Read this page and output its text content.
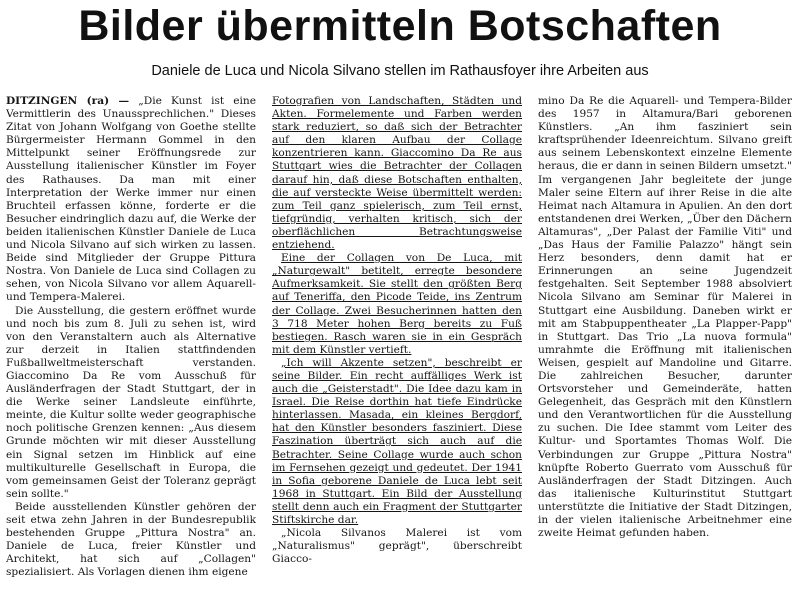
Bilder übermitteln Botschaften
Daniele de Luca und Nicola Silvano stellen im Rathausfoyer ihre Arbeiten aus

DITZINGEN (ra) — „Die Kunst ist eine Vermittlerin des Unaussprechlichen." Dieses Zitat von Johann Wolfgang von Goethe stellte Bürgermeister Hermann Gommel in den Mittelpunkt seiner Eröffnungsrede zur Ausstellung italienischer Künstler im Foyer des Rathauses. Da man mit einer Interpretation der Werke immer nur einen Bruchteil erfassen könne, forderte er die Besucher eindringlich dazu auf, die Werke der beiden italienischen Künstler Daniele de Luca und Nicola Silvano auf sich wirken zu lassen. Beide sind Mitglieder der Gruppe Pittura Nostra. Von Daniele de Luca sind Collagen zu sehen, von Nicola Silvano vor allem Aquarell- und Tempera-Malerei.

Die Ausstellung, die gestern eröffnet wurde und noch bis zum 8. Juli zu sehen ist, wird von den Veranstaltern auch als Alternative zur derzeit in Italien stattfindenden Fußballweltmeisterschaft verstanden. Giaccomino Da Re vom Ausschuß für Ausländerfragen der Stadt Stuttgart, der in die Werke seiner Landsleute einführte, meinte, die Kultur sollte weder geographische noch politische Grenzen kennen: „Aus diesem Grunde möchten wir mit dieser Ausstellung ein Signal setzen im Hinblick auf eine multikulturelle Gesellschaft in Europa, die vom gemeinsamen Geist der Toleranz geprägt sein sollte."

Beide ausstellenden Künstler gehören der seit etwa zehn Jahren in der Bundesrepublik bestehenden Gruppe „Pittura Nostra" an. Daniele de Luca, freier Künstler und Architekt, hat sich auf „Collagen" spezialisiert. Als Vorlagen dienen ihm eigene

Fotografien von Landschaften, Städten und Akten. Formelemente und Farben werden stark reduziert, so daß sich der Betrachter auf den klaren Aufbau der Collage konzentrieren kann. Giaccomino Da Re aus Stuttgart wies die Betrachter der Collagen darauf hin, daß diese Botschaften enthalten, die auf versteckte Weise übermittelt werden: zum Teil ganz spielerisch, zum Teil ernst, tiefgründig, verhalten kritisch, sich der oberflächlichen Betrachtungsweise entziehend.

Eine der Collagen von De Luca, mit „Naturgewalt" betitelt, erregte besondere Aufmerksamkeit. Sie stellt den größten Berg auf Teneriffa, den Picode Teide, ins Zentrum der Collage. Zwei Besucherinnen hatten den 3 718 Meter hohen Berg bereits zu Fuß bestiegen. Rasch waren sie in ein Gespräch mit dem Künstler vertieft.

„Ich will Akzente setzen", beschreibt er seine Bilder. Ein recht auffälliges Werk ist auch die „Geisterstadt". Die Idee dazu kam in Israel. Die Reise dorthin hat tiefe Eindrücke hinterlassen. Masada, ein kleines Bergdorf, hat den Künstler besonders fasziniert. Diese Faszination überträgt sich auch auf die Betrachter. Seine Collage wurde auch schon im Fernsehen gezeigt und gedeutet. Der 1941 in Sofia geborene Daniele de Luca lebt seit 1968 in Stuttgart. Ein Bild der Ausstellung stellt denn auch ein Fragment der Stuttgarter Stiftskirche dar.

„Nicola Silvanos Malerei ist vom „Naturalismus" geprägt", überschreibt Giacco-

mino Da Re die Aquarell- und Tempera-Bilder des 1957 in Altamura/Bari geborenen Künstlers. „An ihm fasziniert sein kraftsprühender Ideenreichtum. Silvano greift aus seinem Lebenskontext einzelne Elemente heraus, die er dann in seinen Bildern umsetzt." Im vergangenen Jahr begleitete der junge Maler seine Eltern auf ihrer Reise in die alte Heimat nach Altamura in Apulien. An den dort entstandenen drei Werken, „Über den Dächern Altamuras", „Der Palast der Familie Viti" und „Das Haus der Familie Palazzo" hängt sein Herz besonders, denn damit hat er Erinnerungen an seine Jugendzeit festgehalten. Seit September 1988 absolviert Nicola Silvano am Seminar für Malerei in Stuttgart eine Ausbildung. Daneben wirkt er mit am Stabpuppentheater „La Plapper-Papp" in Stuttgart. Das Trio „La nuova formula" umrahmte die Eröffnung mit italienischen Weisen, gespielt auf Mandoline und Gitarre. Die zahlreichen Besucher, darunter Ortsvorsteher und Gemeinderäte, hatten Gelegenheit, das Gespräch mit den Künstlern und den Verantwortlichen für die Ausstellung zu suchen. Die Idee stammt vom Leiter des Kultur- und Sportamtes Thomas Wolf. Die Verbindungen zur Gruppe „Pittura Nostra" knüpfte Roberto Guerrato vom Ausschuß für Ausländerfragen der Stadt Ditzingen. Auch das italienische Kulturinstitut Stuttgart unterstützte die Initiative der Stadt Ditzingen, in der vielen italienische Arbeitnehmer eine zweite Heimat gefunden haben.
